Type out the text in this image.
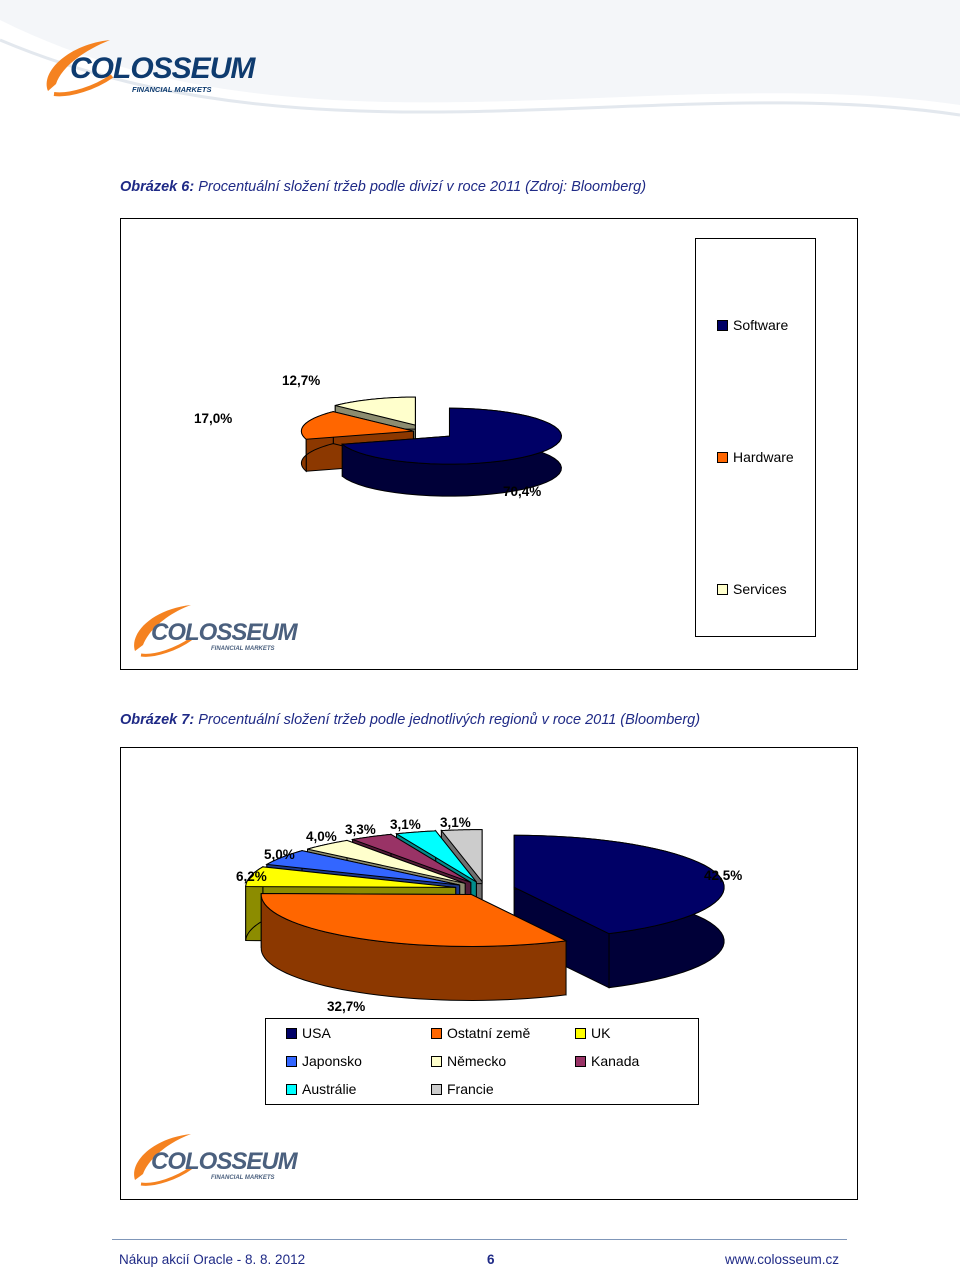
COLOSSEUM
FINANCIAL MARKETS
Obrázek 6: Procentuální složení tržeb podle divizí v roce 2011 (Zdroj: Bloomberg)
Software
Hardware
Services
17,0%
12,7%
70,4%
COLOSSEUM
FINANCIAL MARKETS
Obrázek 7: Procentuální složení tržeb podle jednotlivých regionů v roce 2011 (Bloomberg)
42,5%
32,7%
6,2%
5,0%
4,0% 3,3% 3,1% 3,1%
USA	Ostatní země	UK
Japonsko	Německo	Kanada
Austrálie	Francie
COLOSSEUM
FINANCIAL MARKETS
Nákup akcií Oracle - 8. 8. 2012	6	www.colosseum.cz
